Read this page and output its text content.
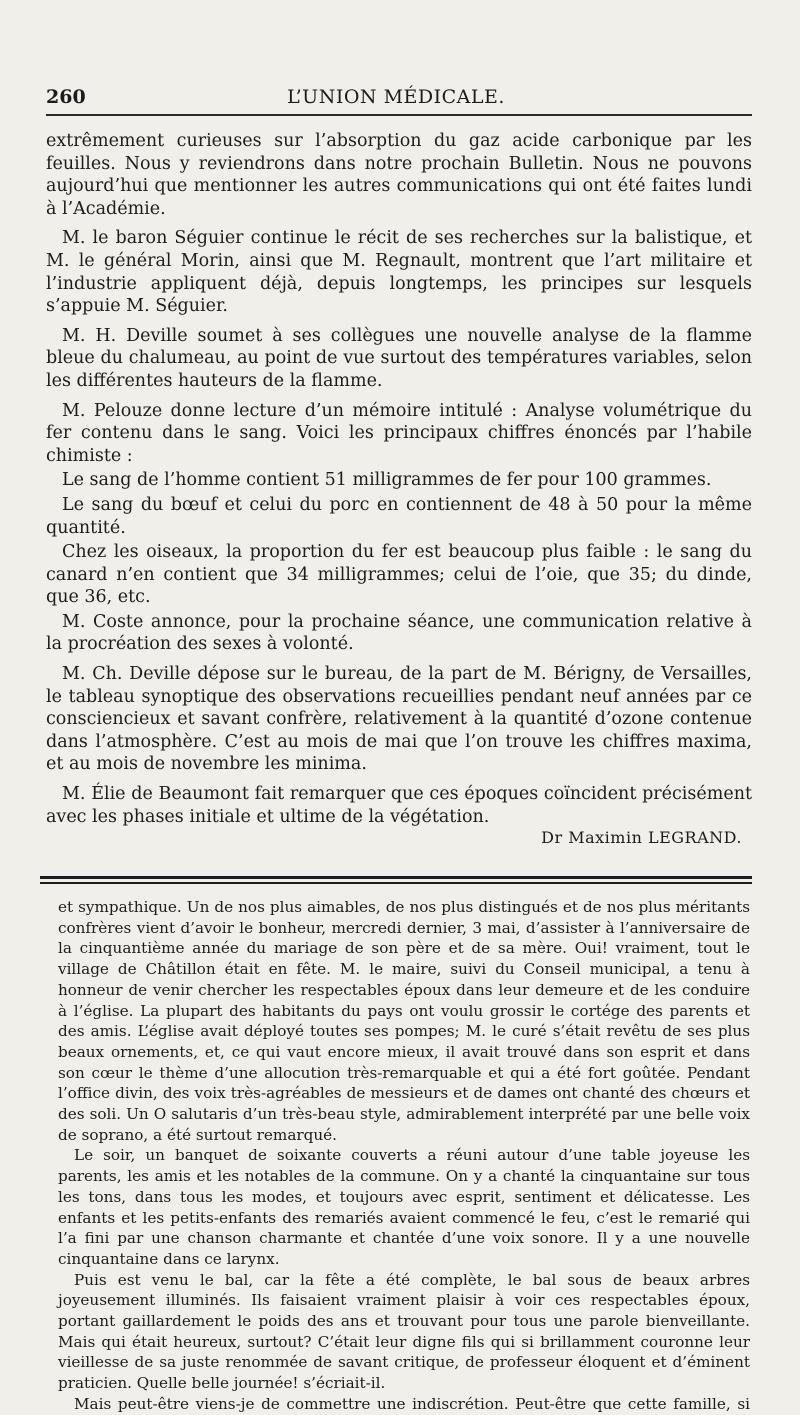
260	L’UNION MÉDICALE.

extrêmement curieuses sur l’absorption du gaz acide carbonique par les feuilles. Nous y reviendrons dans notre prochain Bulletin. Nous ne pouvons aujourd’hui que mentionner les autres communications qui ont été faites lundi à l’Académie.

M. le baron Séguier continue le récit de ses recherches sur la balistique, et M. le général Morin, ainsi que M. Regnault, montrent que l’art militaire et l’industrie appliquent déjà, depuis longtemps, les principes sur lesquels s’appuie M. Séguier.

M. H. Deville soumet à ses collègues une nouvelle analyse de la flamme bleue du chalumeau, au point de vue surtout des températures variables, selon les différentes hauteurs de la flamme.

M. Pelouze donne lecture d’un mémoire intitulé : Analyse volumétrique du fer contenu dans le sang. Voici les principaux chiffres énoncés par l’habile chimiste :

Le sang de l’homme contient 51 milligrammes de fer pour 100 grammes.

Le sang du bœuf et celui du porc en contiennent de 48 à 50 pour la même quantité.

Chez les oiseaux, la proportion du fer est beaucoup plus faible : le sang du canard n’en contient que 34 milligrammes; celui de l’oie, que 35; du dinde, que 36, etc.

M. Coste annonce, pour la prochaine séance, une communication relative à la procréation des sexes à volonté.

M. Ch. Deville dépose sur le bureau, de la part de M. Bérigny, de Versailles, le tableau synoptique des observations recueillies pendant neuf années par ce consciencieux et savant confrère, relativement à la quantité d’ozone contenue dans l’atmosphère. C’est au mois de mai que l’on trouve les chiffres maxima, et au mois de novembre les minima.

M. Élie de Beaumont fait remarquer que ces époques coïncident précisément avec les phases initiale et ultime de la végétation.

Dr Maximin LEGRAND.

et sympathique. Un de nos plus aimables, de nos plus distingués et de nos plus méritants confrères vient d’avoir le bonheur, mercredi dernier, 3 mai, d’assister à l’anniversaire de la cinquantième année du mariage de son père et de sa mère. Oui! vraiment, tout le village de Châtillon était en fête. M. le maire, suivi du Conseil municipal, a tenu à honneur de venir chercher les respectables époux dans leur demeure et de les conduire à l’église. La plupart des habitants du pays ont voulu grossir le cortége des parents et des amis. L’église avait déployé toutes ses pompes; M. le curé s’était revêtu de ses plus beaux ornements, et, ce qui vaut encore mieux, il avait trouvé dans son esprit et dans son cœur le thème d’une allocution très-remarquable et qui a été fort goûtée. Pendant l’office divin, des voix très-agréables de messieurs et de dames ont chanté des chœurs et des soli. Un O salutaris d’un très-beau style, admirablement interprété par une belle voix de soprano, a été surtout remarqué.

Le soir, un banquet de soixante couverts a réuni autour d’une table joyeuse les parents, les amis et les notables de la commune. On y a chanté la cinquantaine sur tous les tons, dans tous les modes, et toujours avec esprit, sentiment et délicatesse. Les enfants et les petits-enfants des remariés avaient commencé le feu, c’est le remarié qui l’a fini par une chanson charmante et chantée d’une voix sonore. Il y a une nouvelle cinquantaine dans ce larynx.

Puis est venu le bal, car la fête a été complète, le bal sous de beaux arbres joyeusement illuminés. Ils faisaient vraiment plaisir à voir ces respectables époux, portant gaillardement le poids des ans et trouvant pour tous une parole bienveillante. Mais qui était heureux, surtout? C’était leur digne fils qui si brillamment couronne leur vieillesse de sa juste renommée de savant critique, de professeur éloquent et d’éminent praticien. Quelle belle journée! s’écriait-il.

Mais peut-être viens-je de commettre une indiscrétion. Peut-être que cette famille, si
